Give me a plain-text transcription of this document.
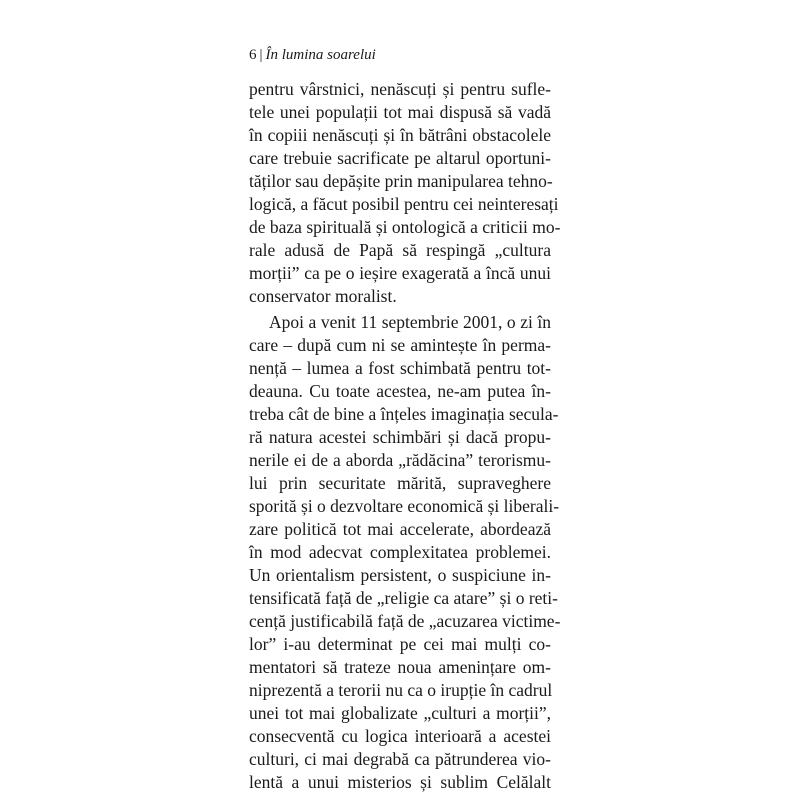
6 | În lumina soarelui
pentru vârstnici, nenăscuți și pentru sufle-
tele unei populații tot mai dispusă să vadă
în copiii nenăscuți și în bătrâni obstacolele
care trebuie sacrificate pe altarul oportuni-
tăților sau depășite prin manipularea tehno-
logică, a făcut posibil pentru cei neinteresați
de baza spirituală și ontologică a criticii mo-
rale adusă de Papă să respingă „cultura
morții” ca pe o ieșire exagerată a încă unui
conservator moralist.
Apoi a venit 11 septembrie 2001, o zi în
care – după cum ni se amintește în perma-
nență – lumea a fost schimbată pentru tot-
deauna. Cu toate acestea, ne-am putea în-
treba cât de bine a înțeles imaginația secula-
ră natura acestei schimbări și dacă propu-
nerile ei de a aborda „rădăcina” terorismu-
lui prin securitate mărită, supraveghere
sporită și o dezvoltare economică și liberali-
zare politică tot mai accelerate, abordează
în mod adecvat complexitatea problemei.
Un orientalism persistent, o suspiciune in-
tensificată față de „religie ca atare” și o reti-
cență justificabilă față de „acuzarea victime-
lor” i-au determinat pe cei mai mulți co-
mentatori să trateze noua amenințare om-
niprezentă a terorii nu ca o irupție în cadrul
unei tot mai globalizate „culturi a morții”,
consecventă cu logica interioară a acestei
culturi, ci mai degrabă ca pătrunderea vio-
lentă a unui misterios și sublim Celălalt
